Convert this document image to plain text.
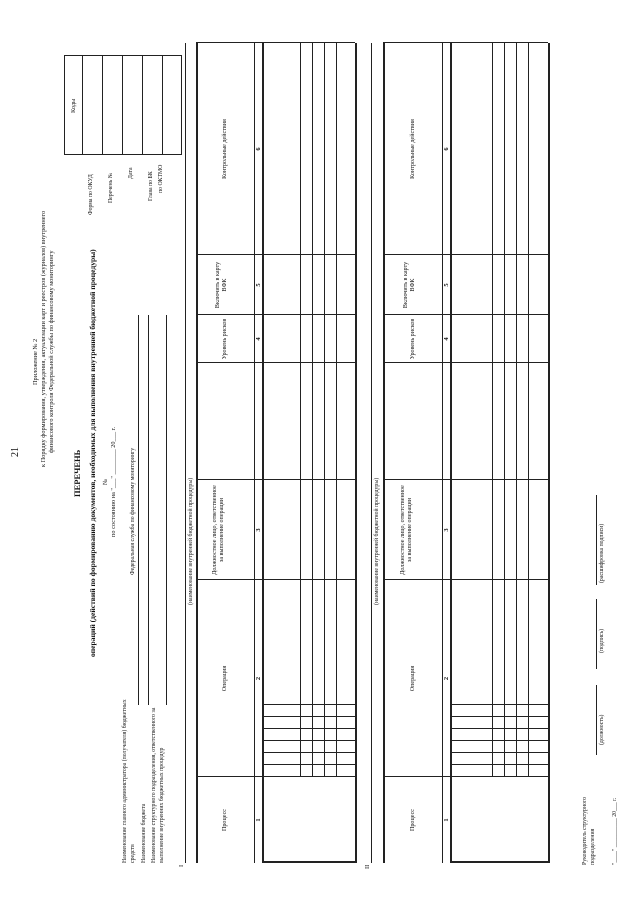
21
Приложение № 2 к Порядку формирования, утверждения, актуализации карт и реестров (журналов) внутреннего финансового контроля Федеральной службы по финансовому мониторингу
ПЕРЕЧЕНЬ операций (действий по формированию документов, необходимых для выполнения внутренней бюджетной процедуры) № по состоянию на "___" ________ 20___ г.
Коды
Форма по ОКУД Перечень № Дата Глава по БК по ОКТМО
Наименование главного администратора (получателя) бюджетных средств
Федеральная служба по финансовому мониторингу
Наименование бюджета Наименование структурного подразделения, ответственного за выполнение внутренних бюджетных процедур
I
(наименование внутренней бюджетной процедуры)
Процесс
Операция
Должностное лицо, ответственное за выполнение операции
Уровень рисков
Включить в карту ВФК
Контрольные действия
1
2
3
4
5
6
II
(наименование внутренней бюджетной процедуры)
Процесс
Операция
Должностное лицо, ответственное за выполнение операции
Уровень рисков
Включить в карту ВФК
Контрольные действия
1
2
3
4
5
6
Руководитель структурного подразделения
(должность)
(подпись)
(расшифровка подписи)
"____" __________ 20___ г.
